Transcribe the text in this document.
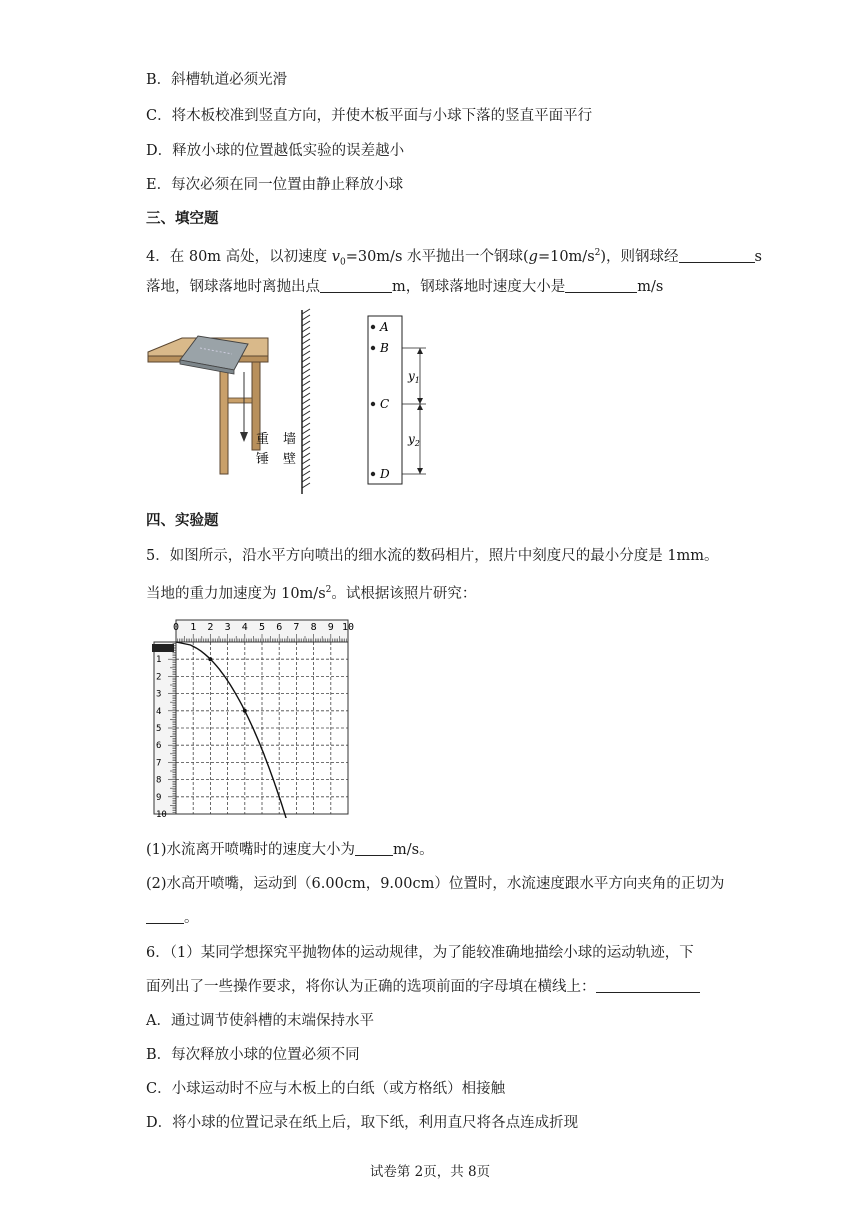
B．斜槽轨道必须光滑
C．将木板校准到竖直方向，并使木板平面与小球下落的竖直平面平行
D．释放小球的位置越低实验的误差越小
E．每次必须在同一位置由静止释放小球
三、填空题
4．在 80m 高处，以初速度 $v_0=30m/s$ 水平抛出一个钢球$(g=10m/s^2)$，则钢球经	s
落地，钢球落地时离抛出点	m，钢球落地时速度大小是	m/s
重
锤
墙
壁
A
B
C
D
$y_1$
$y_2$
四、实验题
5．如图所示，沿水平方向喷出的细水流的数码相片，照片中刻度尺的最小分度是 1mm。
当地的重力加速度为 $10m/s^2$。试根据该照片研究：
0 1 2 3 4 5 6 7 8 9 10
1
2
3
4
5
6
7
8
9
10
(1)水流离开喷嘴时的速度大小为	m/s。
(2)水高开喷嘴，运动到（6.00cm，9.00cm）位置时，水流速度跟水平方向夹角的正切为
。
6．（1）某同学想探究平抛物体的运动规律，为了能较准确地描绘小球的运动轨迹，下
面列出了一些操作要求，将你认为正确的选项前面的字母填在横线上：
A．通过调节使斜槽的末端保持水平
B．每次释放小球的位置必须不同
C．小球运动时不应与木板上的白纸（或方格纸）相接触
D．将小球的位置记录在纸上后，取下纸，利用直尺将各点连成折现
试卷第 2页，共 8页
